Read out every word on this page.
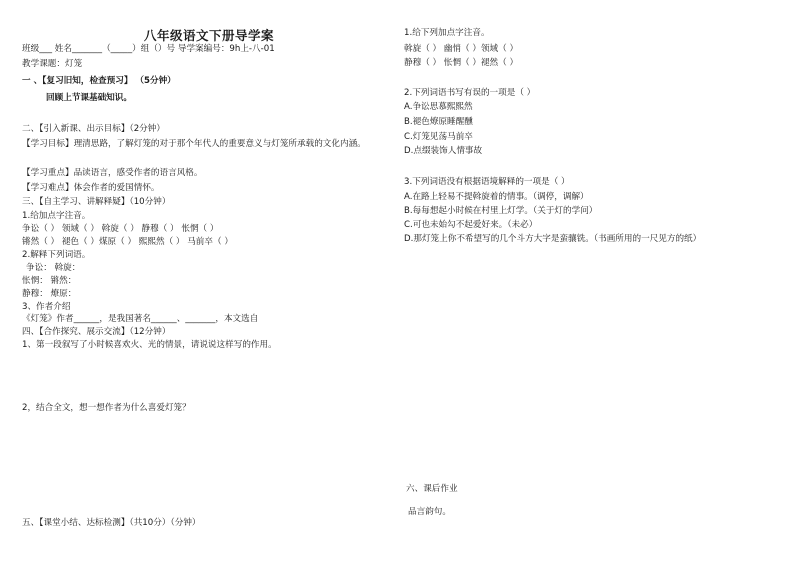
八年级语文下册导学案
班级___ 姓名_______（_____）组（）号 导学案编号：9h上-八-01
教学课题：灯笼
一 、【复习旧知，检查预习】 （5分钟）
回顾上节课基础知识。
二、【引入新课、出示目标】（2分钟）
【学习目标】理清思路，了解灯笼的对于那个年代人的重要意义与灯笼所承载的文化内涵。
【学习重点】品读语言，感受作者的语言风格。
【学习难点】体会作者的爱国情怀。
三、【自主学习、讲解释疑】（10分钟）
1.给加点字注音。
争讼（ ） 领域（ ） 斡旋（ ） 静穆（ ） 怅惘（ ）
锵然（ ） 褪色（ ）煤原（ ） 熙熙然（ ） 马前卒（ ）
2.解释下列词语。
争讼： 斡旋：
怅惘： 锵然：
静穆： 燎原：
3、作者介绍
《灯笼》作者______，是我国著名______、_______，本文选自
四、【合作探究、展示交流】（12分钟）
1、第一段叙写了小时候喜欢火、光的情景，请说说这样写的作用。
2，结合全文，想一想作者为什么喜爱灯笼？
五、【课堂小结、达标检测】（共10分）（分钟）
1.给下列加点字注音。
斡旋（ ） 幽悄（ ）领域（ ）
静穆（ ） 怅惘（ ）褪然（ ）
2.下列词语书写有误的一项是（ ）
A.争讼思慕熙熙然
B.褪色燎原睡醒醺
C.灯笼见荡马前卒
D.点缀装饰人情事故
3.下列词语没有根据语境解释的一项是（ ）
A.在路上轻易不提斡旋着的情事。（调停，调解）
B.每每想起小时候在村里上灯学。（关于灯的学问）
C.可也未始勾不起爱好来。（未必）
D.那灯笼上你不希望写的几个斗方大字是蛮骧铣。（书画所用的一尺见方的纸）
六、课后作业
品言韵句。
